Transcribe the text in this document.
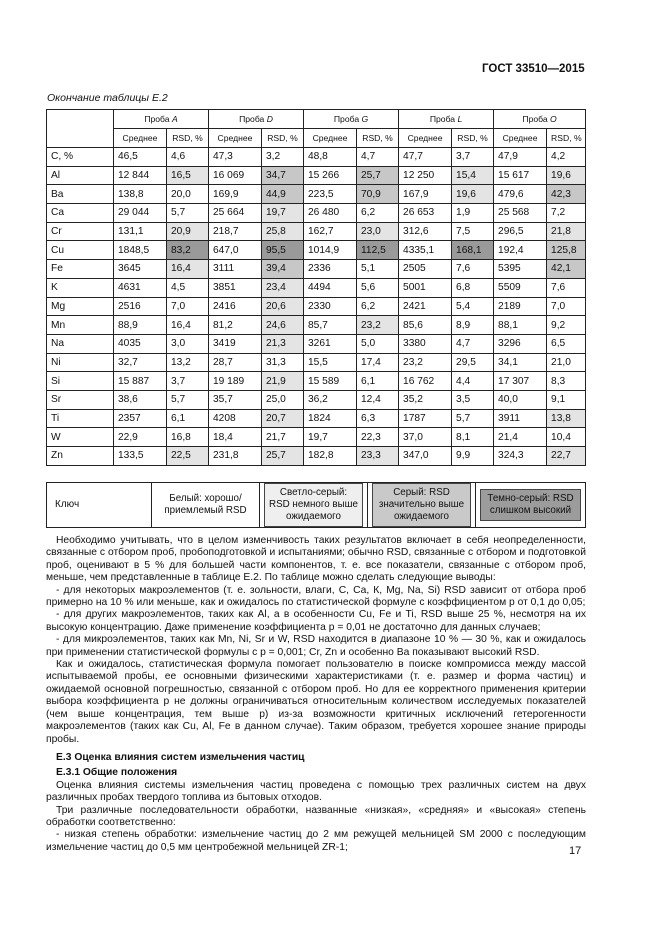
ГОСТ 33510—2015
Окончание таблицы Е.2
	Проба A		Проба D		Проба G		Проба L		Проба O	
	Среднее	RSD, %	Среднее	RSD, %	Среднее	RSD, %	Среднее	RSD, %	Среднее	RSD, %
C, %	46,5	4,6	47,3	3,2	48,8	4,7	47,7	3,7	47,9	4,2
Al	12 844	16,5	16 069	34,7	15 266	25,7	12 250	15,4	15 617	19,6
Ba	138,8	20,0	169,9	44,9	223,5	70,9	167,9	19,6	479,6	42,3
Ca	29 044	5,7	25 664	19,7	26 480	6,2	26 653	1,9	25 568	7,2
Cr	131,1	20,9	218,7	25,8	162,7	23,0	312,6	7,5	296,5	21,8
Cu	1848,5	83,2	647,0	95,5	1014,9	112,5	4335,1	168,1	192,4	125,8
Fe	3645	16,4	3111	39,4	2336	5,1	2505	7,6	5395	42,1
K	4631	4,5	3851	23,4	4494	5,6	5001	6,8	5509	7,6
Mg	2516	7,0	2416	20,6	2330	6,2	2421	5,4	2189	7,0
Mn	88,9	16,4	81,2	24,6	85,7	23,2	85,6	8,9	88,1	9,2
Na	4035	3,0	3419	21,3	3261	5,0	3380	4,7	3296	6,5
Ni	32,7	13,2	28,7	31,3	15,5	17,4	23,2	29,5	34,1	21,0
Si	15 887	3,7	19 189	21,9	15 589	6,1	16 762	4,4	17 307	8,3
Sr	38,6	5,7	35,7	25,0	36,2	12,4	35,2	3,5	40,0	9,1
Ti	2357	6,1	4208	20,7	1824	6,3	1787	5,7	3911	13,8
W	22,9	16,8	18,4	21,7	19,7	22,3	37,0	8,1	21,4	10,4
Zn	133,5	22,5	231,8	25,7	182,8	23,3	347,0	9,9	324,3	22,7
Ключ	Белый: хорошо/ приемлемый RSD	Светло-серый: RSD немного выше ожидаемого	Серый: RSD значительно выше ожидаемого	Темно-серый: RSD слишком высокий

Необходимо учитывать, что в целом изменчивость таких результатов включает в себя неопределенности, связанные с отбором проб, пробоподготовкой и испытаниями; обычно RSD, связанные с отбором и подготовкой проб, оценивают в 5 % для большей части компонентов, т. е. все показатели, связанные с отбором проб, меньше, чем представленные в таблице Е.2. По таблице можно сделать следующие выводы:

- для некоторых макроэлементов (т. е. зольности, влаги, С, Са, К, Mg, Na, Si) RSD зависит от отбора проб примерно на 10 % или меньше, как и ожидалось по статистической формуле с коэффициентом р от 0,1 до 0,05;

- для других макроэлементов, таких как Al, а в особенности Cu, Fe и Ti, RSD выше 25 %, несмотря на их высокую концентрацию. Даже применение коэффициента р = 0,01 не достаточно для данных случаев;

- для микроэлементов, таких как Mn, Ni, Sr и W, RSD находится в диапазоне 10 % — 30 %, как и ожидалось при применении статистической формулы с р = 0,001; Cr, Zn и особенно Ва показывают высокий RSD.

Как и ожидалось, статистическая формула помогает пользователю в поиске компромисса между массой испытываемой пробы, ее основными физическими характеристиками (т. е. размер и форма частиц) и ожидаемой основной погрешностью, связанной с отбором проб. Но для ее корректного применения критерии выбора коэффициента р не должны ограничиваться относительным количеством исследуемых показателей (чем выше концентрация, тем выше р) из-за возможности критичных исключений гетерогенности макроэлементов (таких как Cu, Al, Fe в данном случае). Таким образом, требуется хорошее знание природы пробы.

Е.3 Оценка влияния систем измельчения частиц

Е.3.1 Общие положения

Оценка влияния системы измельчения частиц проведена с помощью трех различных систем на двух различных пробах твердого топлива из бытовых отходов.

Три различные последовательности обработки, названные «низкая», «средняя» и «высокая» степень обработки соответственно:

- низкая степень обработки: измельчение частиц до 2 мм режущей мельницей SM 2000 с последующим измельчение частиц до 0,5 мм центробежной мельницей ZR-1;	17
